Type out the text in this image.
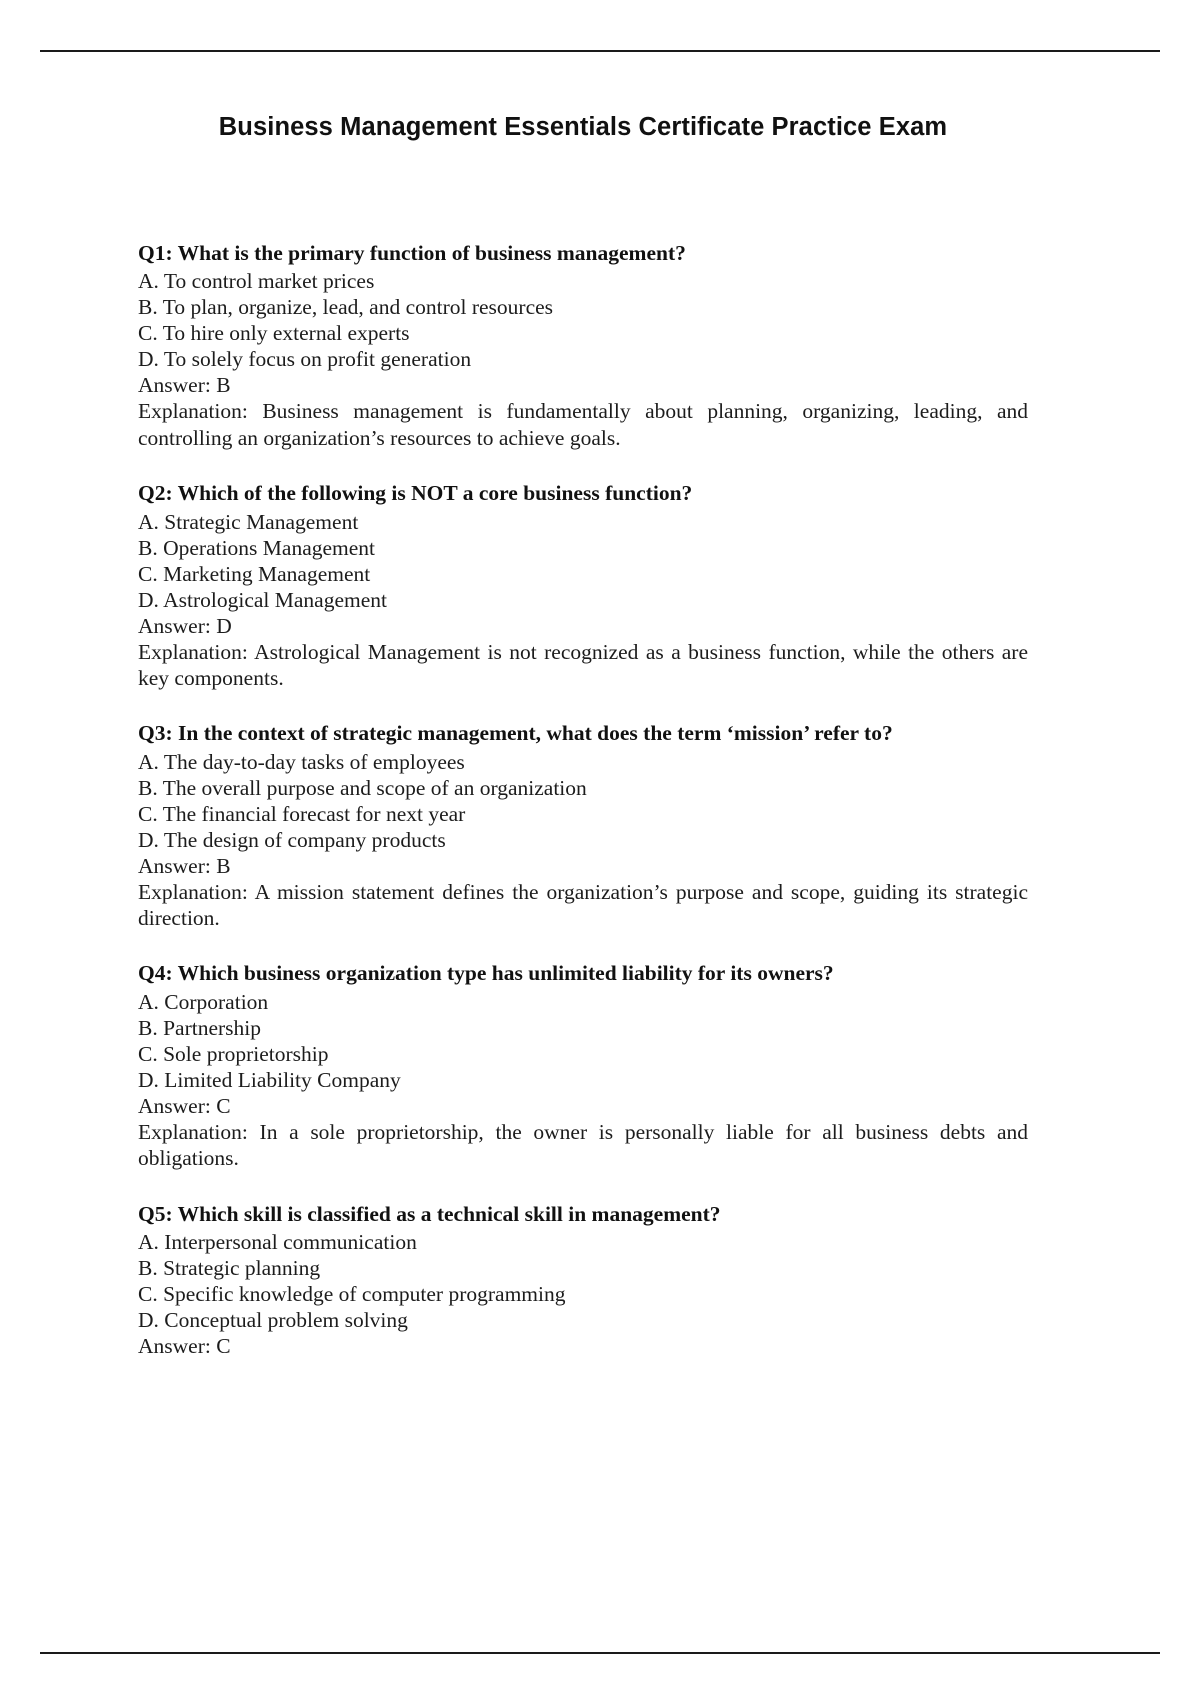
Business Management Essentials Certificate Practice Exam

Q1: What is the primary function of business management?

A. To control market prices

B. To plan, organize, lead, and control resources

C. To hire only external experts

D. To solely focus on profit generation

Answer: B

Explanation: Business management is fundamentally about planning, organizing, leading, and controlling an organization’s resources to achieve goals.

Q2: Which of the following is NOT a core business function?

A. Strategic Management

B. Operations Management

C. Marketing Management

D. Astrological Management

Answer: D

Explanation: Astrological Management is not recognized as a business function, while the others are key components.

Q3: In the context of strategic management, what does the term ‘mission’ refer to?

A. The day-to-day tasks of employees

B. The overall purpose and scope of an organization

C. The financial forecast for next year

D. The design of company products

Answer: B

Explanation: A mission statement defines the organization’s purpose and scope, guiding its strategic direction.

Q4: Which business organization type has unlimited liability for its owners?

A. Corporation

B. Partnership

C. Sole proprietorship

D. Limited Liability Company

Answer: C

Explanation: In a sole proprietorship, the owner is personally liable for all business debts and obligations.

Q5: Which skill is classified as a technical skill in management?

A. Interpersonal communication

B. Strategic planning

C. Specific knowledge of computer programming

D. Conceptual problem solving

Answer: C
